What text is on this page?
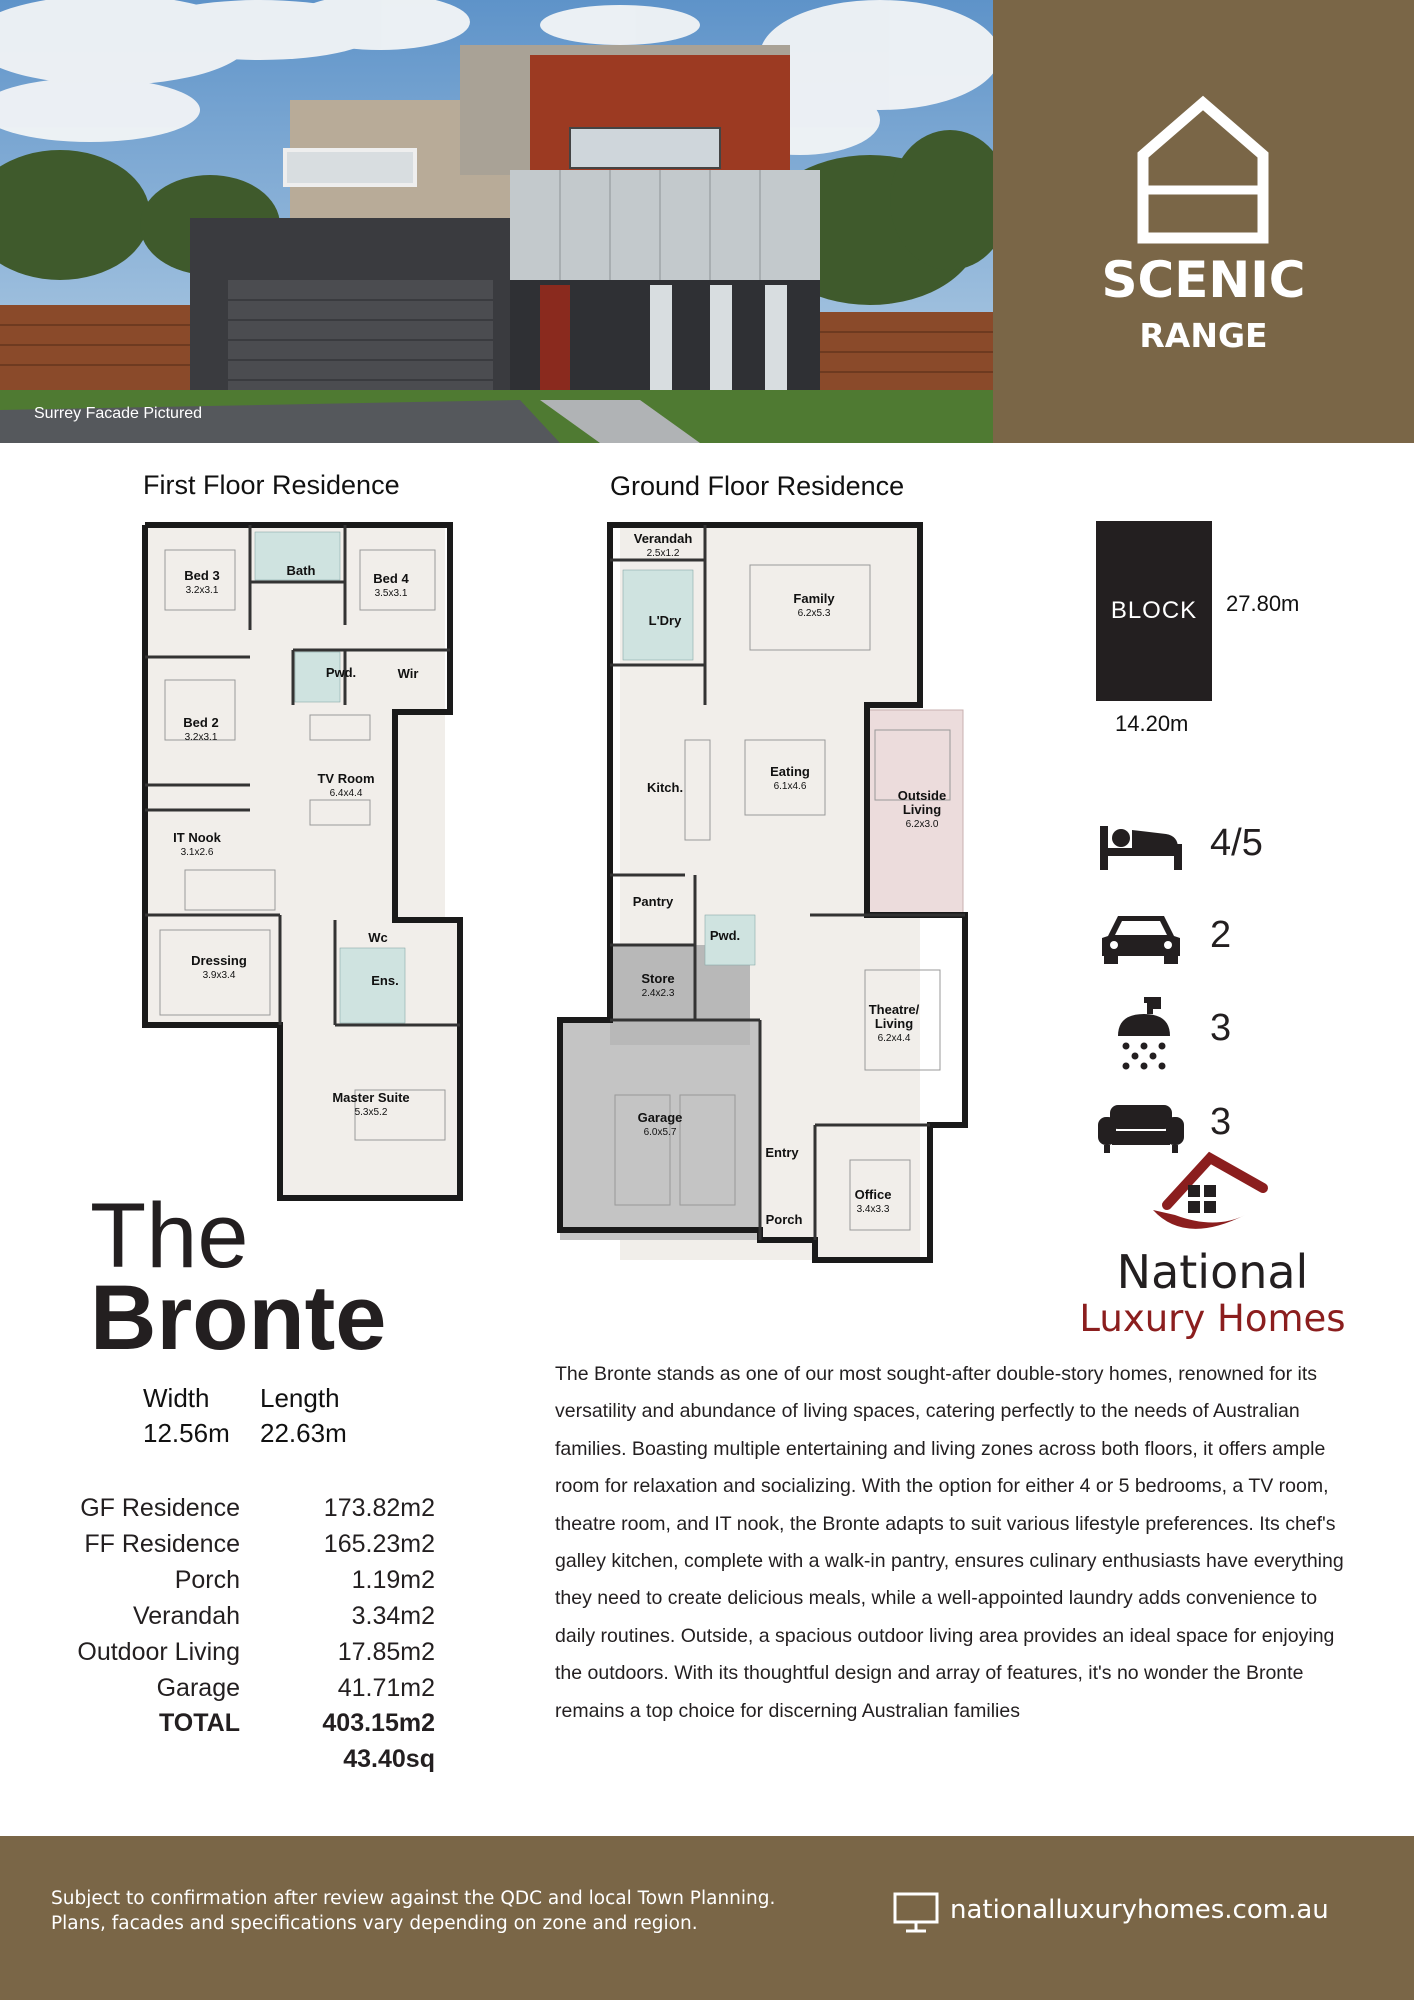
Surrey Facade Pictured
SCENIC
RANGE
First Floor Residence	Ground Floor Residence
Bed 3
3.2x3.1
Bath
Bed 4
3.5x3.1
Pwd.	Wir
Bed 2
3.2x3.1
TV Room
6.4x4.4
IT Nook
3.1x2.6
Dressing
3.9x3.4
Wc
Ens.
Master Suite
5.3x5.2
Verandah
2.5x1.2
Family
6.2x5.3
L'Dry
Kitch.
Eating
6.1x4.6
Outside
Living
6.2x3.0
Pantry
Pwd.
Store
2.4x2.3
Theatre/
Living
6.2x4.4
Garage
6.0x5.7
Entry
Office
3.4x3.3
Porch
BLOCK 27.80m
14.20m
4/5
2
3
3
National
Luxury Homes
The
Bronte
Width
12.56m
Length
22.63m
GF Residence	173.82m2
FF Residence	165.23m2
Porch	1.19m2
Verandah	3.34m2
Outdoor Living	17.85m2
Garage	41.71m2
TOTAL	403.15m2
43.40sq
The Bronte stands as one of our most sought-after double-story homes, renowned for its versatility and abundance of living spaces, catering perfectly to the needs of Australian families. Boasting multiple entertaining and living zones across both floors, it offers ample room for relaxation and socializing. With the option for either 4 or 5 bedrooms, a TV room, theatre room, and IT nook, the Bronte adapts to suit various lifestyle preferences. Its chef's galley kitchen, complete with a walk-in pantry, ensures culinary enthusiasts have everything they need to create delicious meals, while a well-appointed laundry adds convenience to daily routines. Outside, a spacious outdoor living area provides an ideal space for enjoying the outdoors. With its thoughtful design and array of features, it's no wonder the Bronte remains a top choice for discerning Australian families
Subject to confirmation after review against the QDC and local Town Planning.
Plans, facades and specifications vary depending on zone and region.	nationalluxuryhomes.com.au
